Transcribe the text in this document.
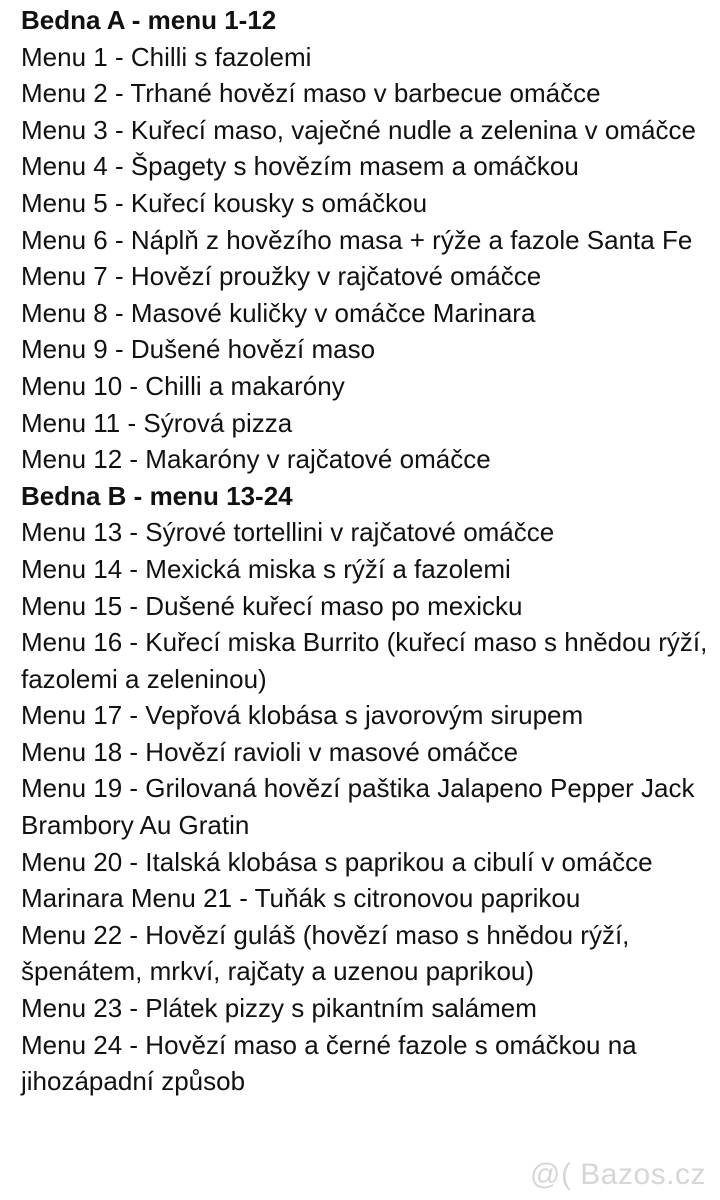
Bedna A - menu 1-12

Menu 1 - Chilli s fazolemi

Menu 2 - Trhané hovězí maso v barbecue omáčce

Menu 3 - Kuřecí maso, vaječné nudle a zelenina v omáčce

Menu 4 - Špagety s hovězím masem a omáčkou

Menu 5 - Kuřecí kousky s omáčkou

Menu 6 - Náplň z hovězího masa + rýže a fazole Santa Fe

Menu 7 - Hovězí proužky v rajčatové omáčce

Menu 8 - Masové kuličky v omáčce Marinara

Menu 9 - Dušené hovězí maso

Menu 10 - Chilli a makaróny

Menu 11 - Sýrová pizza

Menu 12 - Makaróny v rajčatové omáčce

Bedna B - menu 13-24

Menu 13 - Sýrové tortellini v rajčatové omáčce

Menu 14 - Mexická miska s rýží a fazolemi

Menu 15 - Dušené kuřecí maso po mexicku

Menu 16 - Kuřecí miska Burrito (kuřecí maso s hnědou rýží, fazolemi a zeleninou)

Menu 17 - Vepřová klobása s javorovým sirupem

Menu 18 - Hovězí ravioli v masové omáčce

Menu 19 - Grilovaná hovězí paštika Jalapeno Pepper Jack Brambory Au Gratin

Menu 20 - Italská klobása s paprikou a cibulí v omáčce Marinara Menu 21 - Tuňák s citronovou paprikou

Menu 22 - Hovězí guláš (hovězí maso s hnědou rýží, špenátem, mrkví, rajčaty a uzenou paprikou)

Menu 23 - Plátek pizzy s pikantním salámem

Menu 24 - Hovězí maso a černé fazole s omáčkou na jihozápadní způsob

@( Bazos.cz
